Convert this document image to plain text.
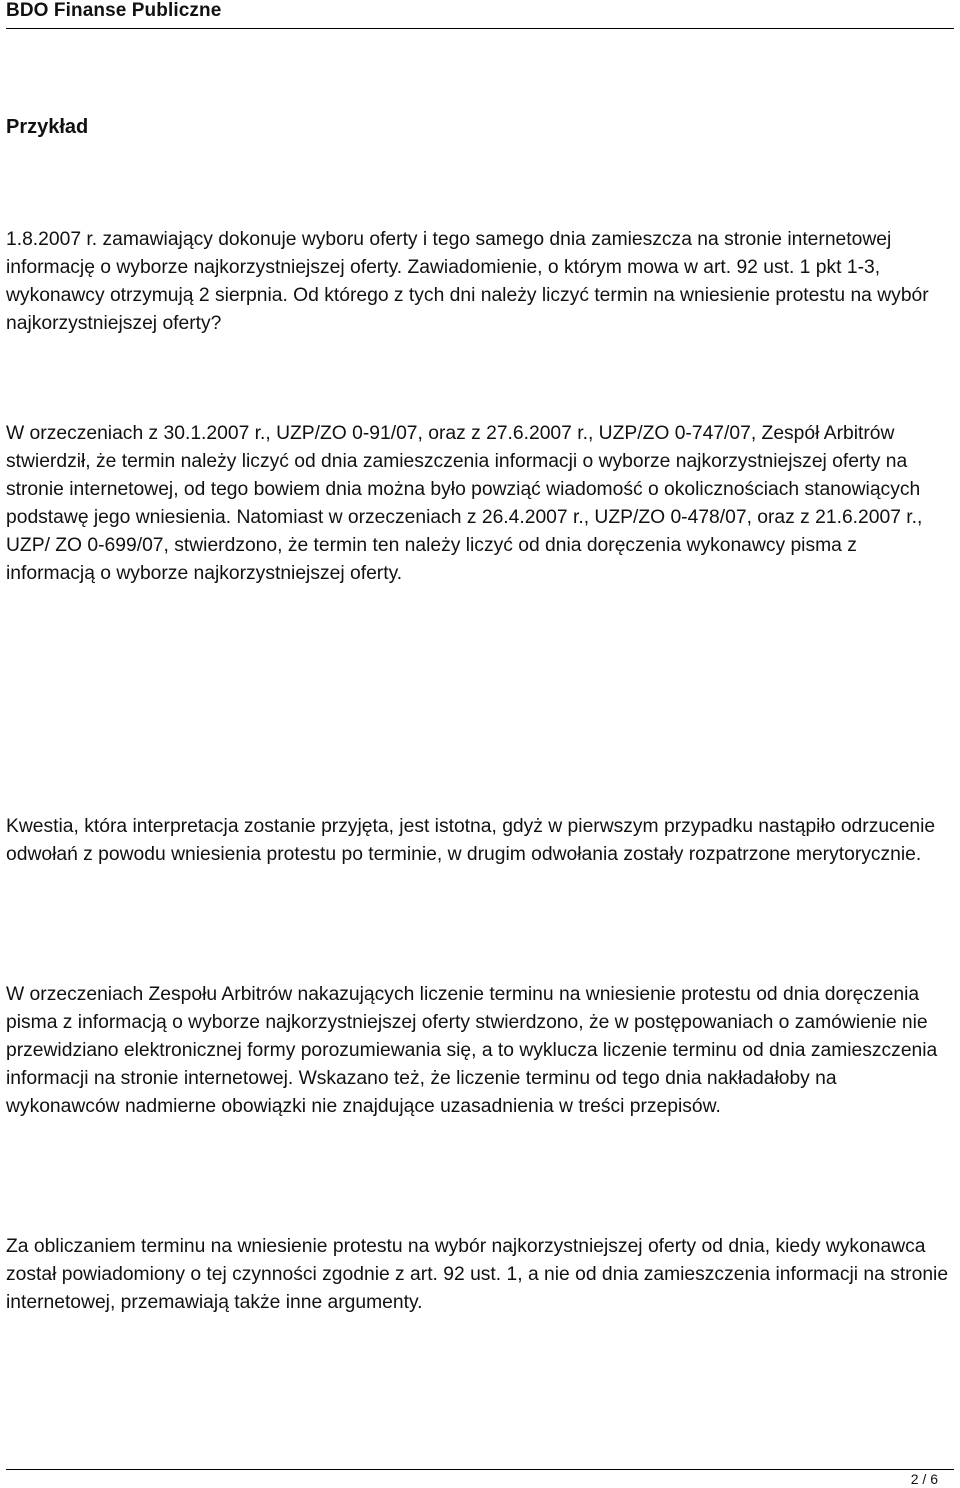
BDO Finanse Publiczne
Przykład

1.8.2007 r. zamawiający dokonuje wyboru oferty i tego samego dnia zamieszcza na stronie internetowej informację o wyborze najkorzystniejszej oferty. Zawiadomienie, o którym mowa w art. 92 ust. 1 pkt 1-3, wykonawcy otrzymują 2 sierpnia. Od którego z tych dni należy liczyć termin na wniesienie protestu na wybór najkorzystniejszej oferty?

W orzeczeniach z 30.1.2007 r., UZP/ZO 0-91/07, oraz z 27.6.2007 r., UZP/ZO 0-747/07, Zespół Arbitrów stwierdził, że termin należy liczyć od dnia zamieszczenia informacji o wyborze najkorzystniejszej oferty na stronie internetowej, od tego bowiem dnia można było powziąć wiadomość o okolicznościach stanowiących podstawę jego wniesienia. Natomiast w orzeczeniach z 26.4.2007 r., UZP/ZO 0-478/07, oraz z 21.6.2007 r., UZP/ ZO 0-699/07, stwierdzono, że termin ten należy liczyć od dnia doręczenia wykonawcy pisma z informacją o wyborze najkorzystniejszej oferty.

Kwestia, która interpretacja zostanie przyjęta, jest istotna, gdyż w pierwszym przypadku nastąpiło odrzucenie odwołań z powodu wniesienia protestu po terminie, w drugim odwołania zostały rozpatrzone merytorycznie.

W orzeczeniach Zespołu Arbitrów nakazujących liczenie terminu na wniesienie protestu od dnia doręczenia pisma z informacją o wyborze najkorzystniejszej oferty stwierdzono, że w postępowaniach o zamówienie nie przewidziano elektronicznej formy porozumiewania się, a to wyklucza liczenie terminu od dnia zamieszczenia informacji na stronie internetowej. Wskazano też, że liczenie terminu od tego dnia nakładałoby na wykonawców nadmierne obowiązki nie znajdujące uzasadnienia w treści przepisów.

Za obliczaniem terminu na wniesienie protestu na wybór najkorzystniejszej oferty od dnia, kiedy wykonawca został powiadomiony o tej czynności zgodnie z art. 92 ust. 1, a nie od dnia zamieszczenia informacji na stronie internetowej, przemawiają także inne argumenty.

2 / 6
